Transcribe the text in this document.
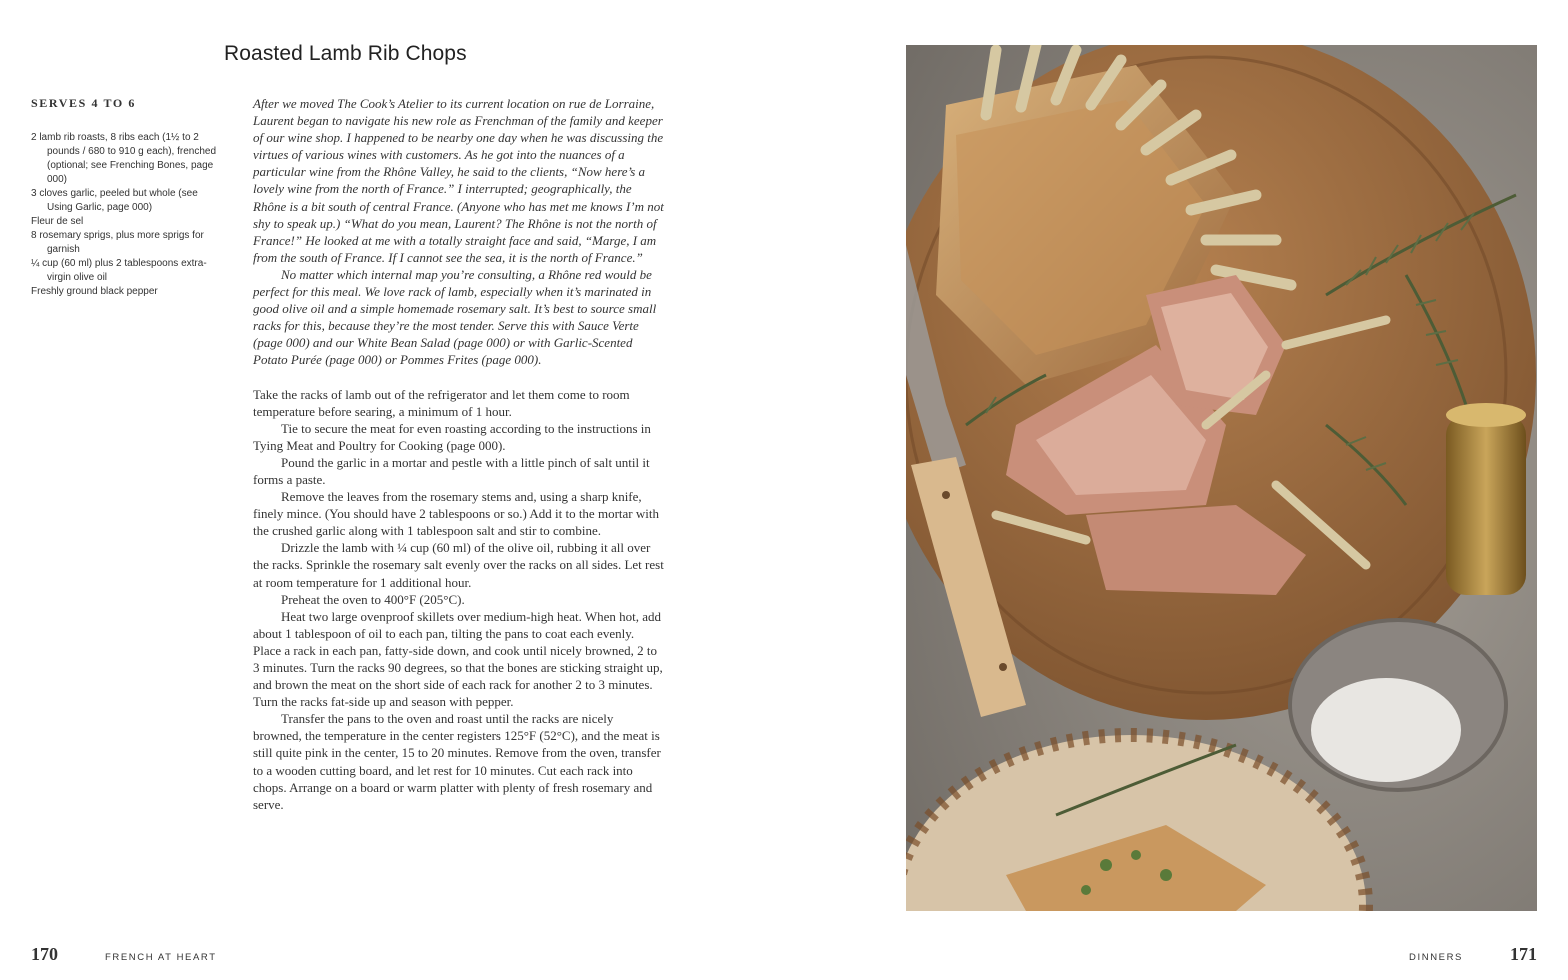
Roasted Lamb Rib Chops
SERVES 4 TO 6
2 lamb rib roasts, 8 ribs each (1½ to 2 pounds / 680 to 910 g each), frenched (optional; see Frenching Bones, page 000)
3 cloves garlic, peeled but whole (see Using Garlic, page 000)
Fleur de sel
8 rosemary sprigs, plus more sprigs for garnish
¼ cup (60 ml) plus 2 tablespoons extra-virgin olive oil
Freshly ground black pepper

After we moved The Cook’s Atelier to its current location on rue de Lorraine, Laurent began to navigate his new role as Frenchman of the family and keeper of our wine shop. I happened to be nearby one day when he was discussing the virtues of various wines with customers. As he got into the nuances of a particular wine from the Rhône Valley, he said to the clients, “Now here’s a lovely wine from the north of France.” I interrupted; geographically, the Rhône is a bit south of central France. (Anyone who has met me knows I’m not shy to speak up.) “What do you mean, Laurent? The Rhône is not the north of France!” He looked at me with a totally straight face and said, “Marge, I am from the south of France. If I cannot see the sea, it is the north of France.”

No matter which internal map you’re consulting, a Rhône red would be perfect for this meal. We love rack of lamb, especially when it’s marinated in good olive oil and a simple homemade rosemary salt. It’s best to source small racks for this, because they’re the most tender. Serve this with Sauce Verte (page 000) and our White Bean Salad (page 000) or with Garlic-Scented Potato Purée (page 000) or Pommes Frites (page 000).

Take the racks of lamb out of the refrigerator and let them come to room temperature before searing, a minimum of 1 hour.

Tie to secure the meat for even roasting according to the instructions in Tying Meat and Poultry for Cooking (page 000).

Pound the garlic in a mortar and pestle with a little pinch of salt until it forms a paste.

Remove the leaves from the rosemary stems and, using a sharp knife, finely mince. (You should have 2 tablespoons or so.) Add it to the mortar with the crushed garlic along with 1 tablespoon salt and stir to combine.

Drizzle the lamb with ¼ cup (60 ml) of the olive oil, rubbing it all over the racks. Sprinkle the rosemary salt evenly over the racks on all sides. Let rest at room temperature for 1 additional hour.

Preheat the oven to 400°F (205°C).

Heat two large ovenproof skillets over medium-high heat. When hot, add about 1 tablespoon of oil to each pan, tilting the pans to coat each evenly. Place a rack in each pan, fatty-side down, and cook until nicely browned, 2 to 3 minutes. Turn the racks 90 degrees, so that the bones are sticking straight up, and brown the meat on the short side of each rack for another 2 to 3 minutes. Turn the racks fat-side up and season with pepper.

Transfer the pans to the oven and roast until the racks are nicely browned, the temperature in the center registers 125°F (52°C), and the meat is still quite pink in the center, 15 to 20 minutes. Remove from the oven, transfer to a wooden cutting board, and let rest for 10 minutes. Cut each rack into chops. Arrange on a board or warm platter with plenty of fresh rosemary and serve.

170	FRENCH AT HEART	DINNERS	171
